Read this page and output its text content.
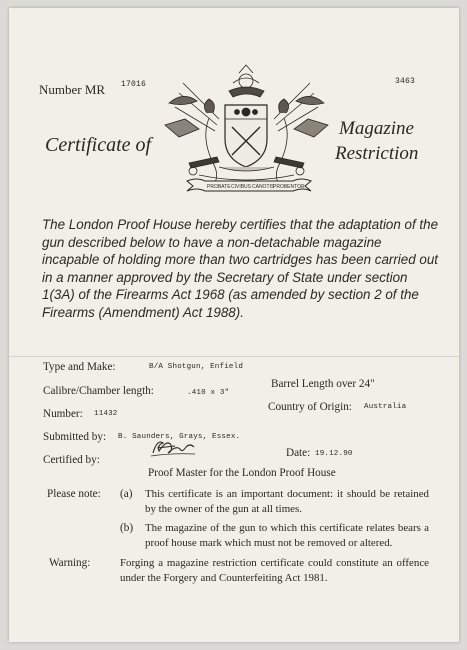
Number MR 17016	3463
Certificate of
Magazine
Restriction
PROBATE CIVIBUS CANOTIS
PROBENTOR
The London Proof House hereby certifies that the adaptation of the gun described below to have a non-detachable magazine incapable of holding more than two cartridges has been carried out in a manner approved by the Secretary of State under section 1(3A) of the Firearms Act 1968 (as amended by section 2 of the Firearms (Amendment) Act 1988).
Type and Make:	B/A Shotgun, Enfield
Calibre/Chamber length:	.410 x 3"
Barrel Length over 24"
Number: 11432
Country of Origin: Australia
Submitted by: B. Saunders, Grays, Essex.
Certified by:
Date: 19.12.90
Proof Master for the London Proof House
Please note: (a) This certificate is an important document: it should be retained by the owner of the gun at all times.
(b) The magazine of the gun to which this certificate relates bears a proof house mark which must not be removed or altered.
Warning:	Forging a magazine restriction certificate could constitute an offence under the Forgery and Counterfeiting Act 1981.
